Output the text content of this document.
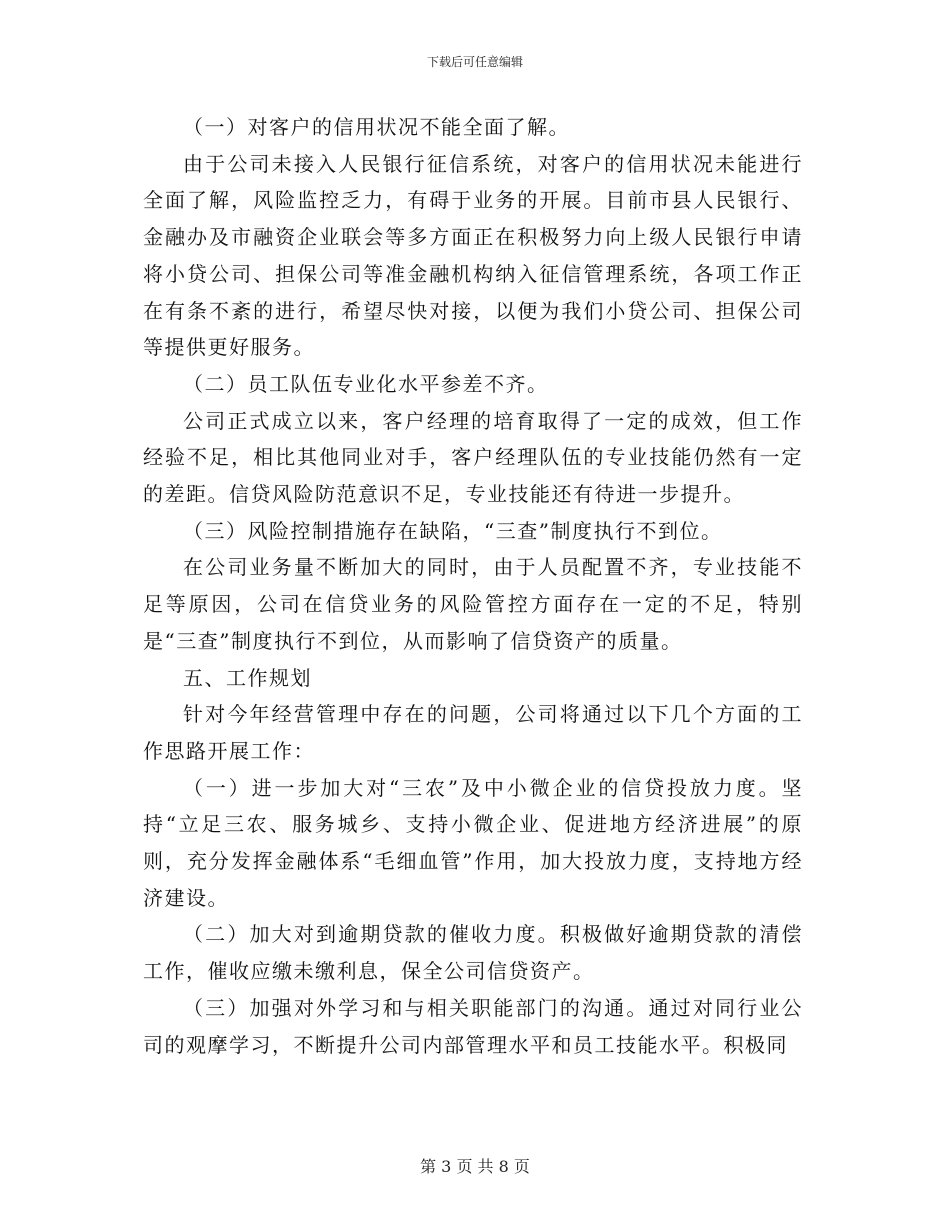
下载后可任意编辑

（一）对客户的信用状况不能全面了解。

由于公司未接入人民银行征信系统，对客户的信用状况未能进行全面了解，风险监控乏力，有碍于业务的开展。目前市县人民银行、金融办及市融资企业联会等多方面正在积极努力向上级人民银行申请将小贷公司、担保公司等准金融机构纳入征信管理系统，各项工作正在有条不紊的进行，希望尽快对接，以便为我们小贷公司、担保公司等提供更好服务。

（二）员工队伍专业化水平参差不齐。

公司正式成立以来，客户经理的培育取得了一定的成效，但工作经验不足，相比其他同业对手，客户经理队伍的专业技能仍然有一定的差距。信贷风险防范意识不足，专业技能还有待进一步提升。

（三）风险控制措施存在缺陷，“三查”制度执行不到位。

在公司业务量不断加大的同时，由于人员配置不齐，专业技能不足等原因，公司在信贷业务的风险管控方面存在一定的不足，特别是“三查”制度执行不到位，从而影响了信贷资产的质量。

五、工作规划

针对今年经营管理中存在的问题，公司将通过以下几个方面的工作思路开展工作：

（一）进一步加大对“三农”及中小微企业的信贷投放力度。坚持“立足三农、服务城乡、支持小微企业、促进地方经济进展”的原则，充分发挥金融体系“毛细血管”作用，加大投放力度，支持地方经济建设。

（二）加大对到逾期贷款的催收力度。积极做好逾期贷款的清偿工作，催收应缴未缴利息，保全公司信贷资产。

（三）加强对外学习和与相关职能部门的沟通。通过对同行业公司的观摩学习，不断提升公司内部管理水平和员工技能水平。积极同

第 3 页 共 8 页
